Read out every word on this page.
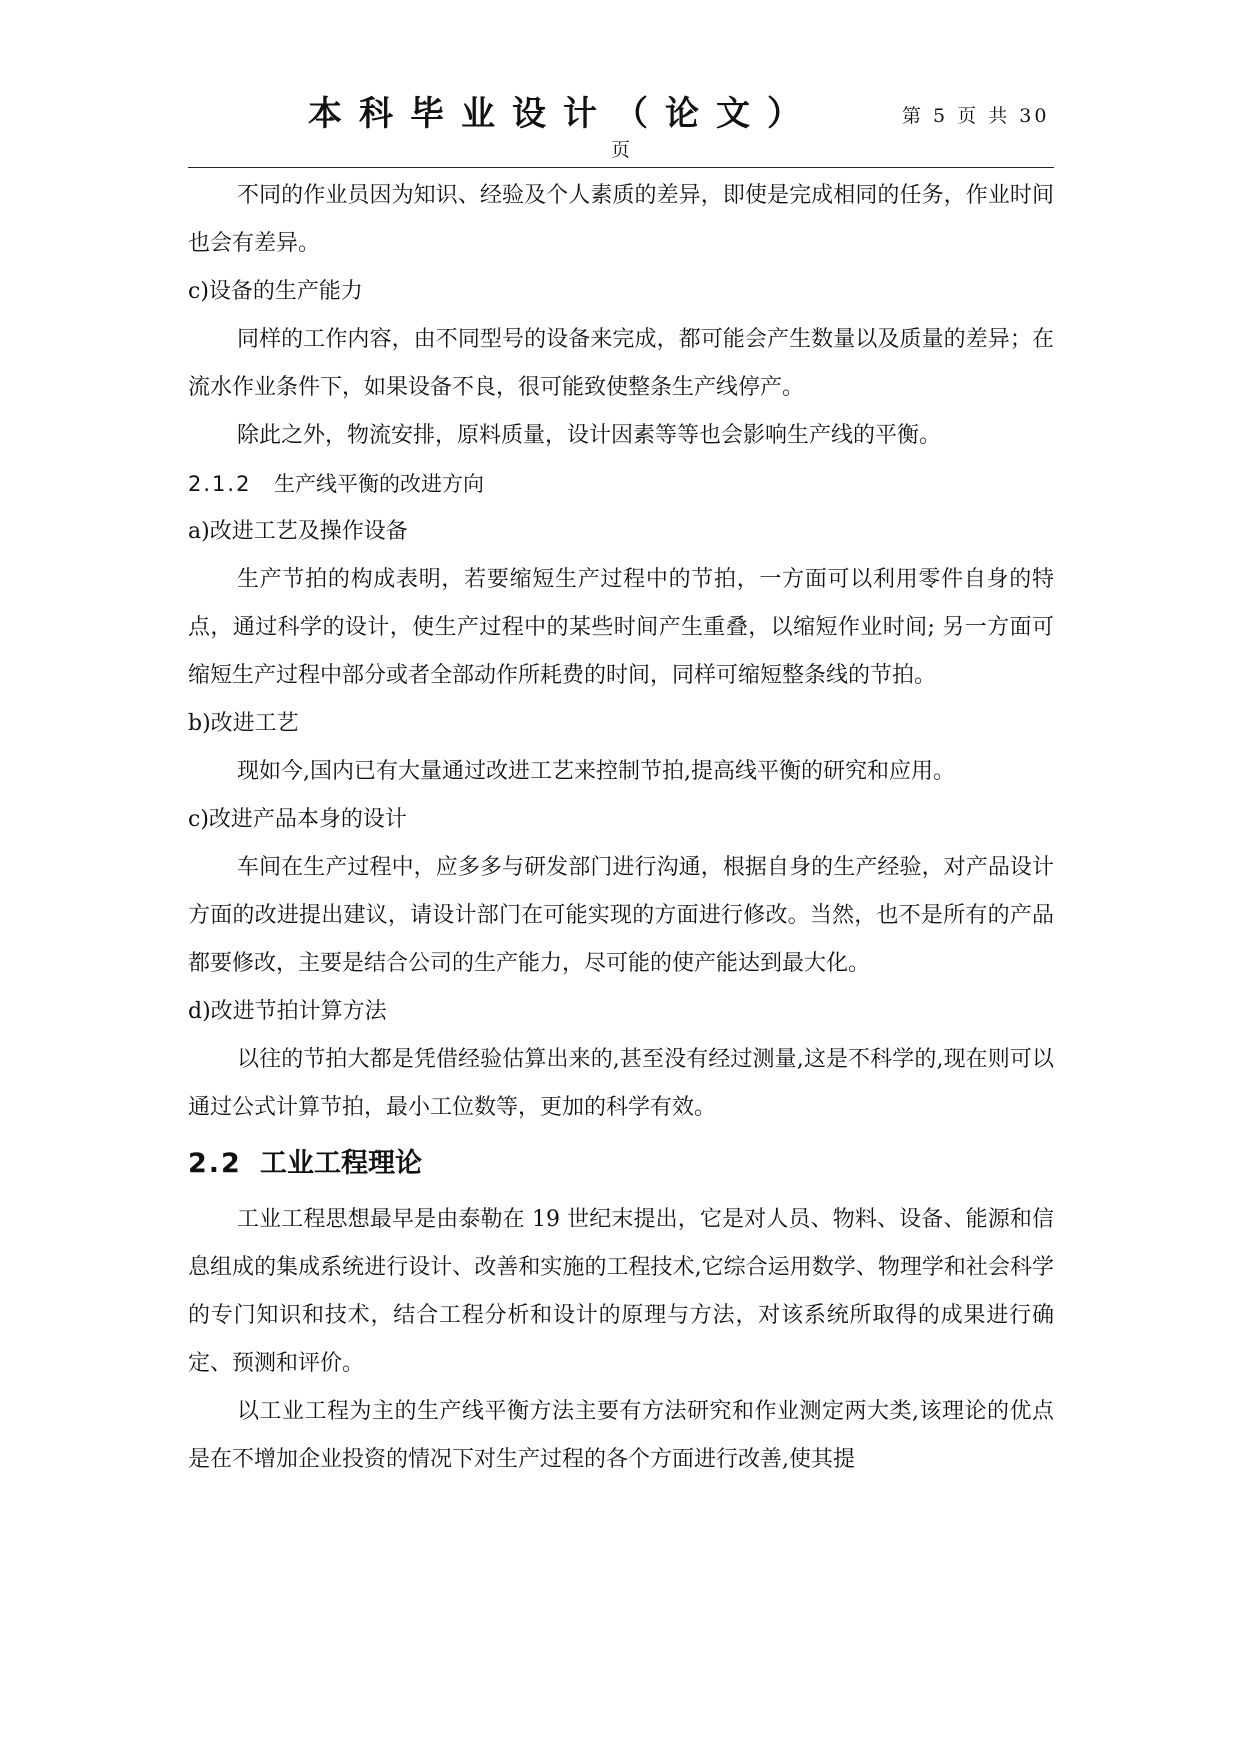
本科毕业设计（论文）	第 5 页 共 30
页

不同的作业员因为知识、经验及个人素质的差异，即使是完成相同的任务，作业时间也会有差异。

c)设备的生产能力

同样的工作内容，由不同型号的设备来完成，都可能会产生数量以及质量的差异；在流水作业条件下，如果设备不良，很可能致使整条生产线停产。

除此之外，物流安排，原料质量，设计因素等等也会影响生产线的平衡。

2.1.2 生产线平衡的改进方向

a)改进工艺及操作设备

生产节拍的构成表明，若要缩短生产过程中的节拍，一方面可以利用零件自身的特点，通过科学的设计，使生产过程中的某些时间产生重叠，以缩短作业时间; 另一方面可缩短生产过程中部分或者全部动作所耗费的时间，同样可缩短整条线的节拍。

b)改进工艺

现如今,国内已有大量通过改进工艺来控制节拍,提高线平衡的研究和应用。

c)改进产品本身的设计

车间在生产过程中，应多多与研发部门进行沟通，根据自身的生产经验，对产品设计方面的改进提出建议，请设计部门在可能实现的方面进行修改。当然，也不是所有的产品都要修改，主要是结合公司的生产能力，尽可能的使产能达到最大化。

d)改进节拍计算方法

以往的节拍大都是凭借经验估算出来的,甚至没有经过测量,这是不科学的,现在则可以通过公式计算节拍，最小工位数等，更加的科学有效。

2.2 工业工程理论

工业工程思想最早是由泰勒在 19 世纪末提出，它是对人员、物料、设备、能源和信息组成的集成系统进行设计、改善和实施的工程技术,它综合运用数学、物理学和社会科学的专门知识和技术，结合工程分析和设计的原理与方法，对该系统所取得的成果进行确定、预测和评价。

以工业工程为主的生产线平衡方法主要有方法研究和作业测定两大类,该理论的优点是在不增加企业投资的情况下对生产过程的各个方面进行改善,使其提
